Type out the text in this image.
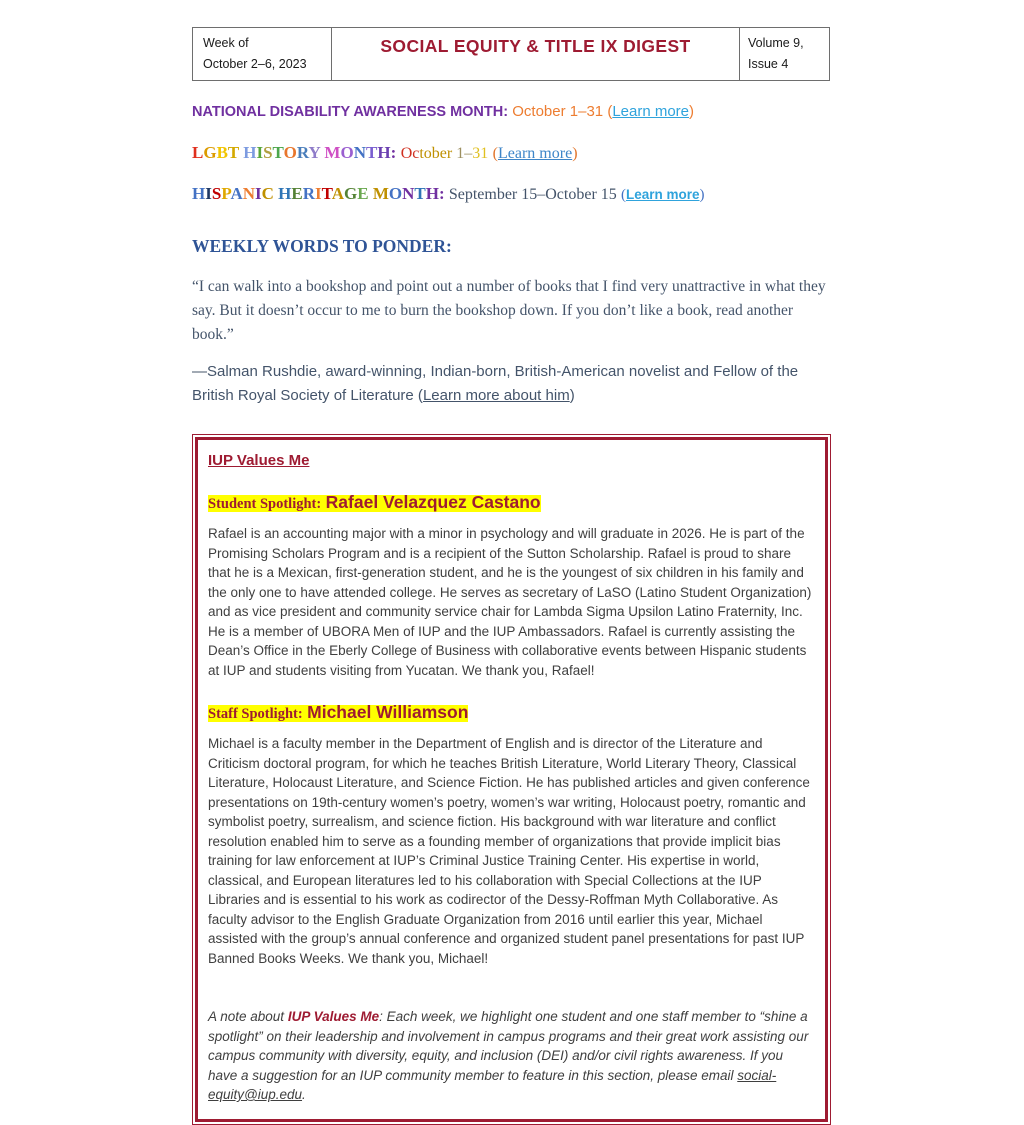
Week of
October 2–6, 2023
SOCIAL EQUITY & TITLE IX DIGEST	Volume 9,
Issue 4
NATIONAL DISABILITY AWARENESS MONTH: October 1–31 (Learn more)
LGBT HISTORY MONTH: October 1–31 (Learn more)
HISPANIC HERITAGE MONTH: September 15–October 15 (Learn more)
WEEKLY WORDS TO PONDER:
“I can walk into a bookshop and point out a number of books that I find very unattractive in what they say. But it doesn’t occur to me to burn the bookshop down. If you don’t like a book, read another book.”
—Salman Rushdie, award-winning, Indian-born, British-American novelist and Fellow of the British Royal Society of Literature (Learn more about him)
IUP Values Me
Student Spotlight: Rafael Velazquez Castano
Rafael is an accounting major with a minor in psychology and will graduate in 2026. He is part of the Promising Scholars Program and is a recipient of the Sutton Scholarship. Rafael is proud to share that he is a Mexican, first-generation student, and he is the youngest of six children in his family and the only one to have attended college. He serves as secretary of LaSO (Latino Student Organization) and as vice president and community service chair for Lambda Sigma Upsilon Latino Fraternity, Inc. He is a member of UBORA Men of IUP and the IUP Ambassadors. Rafael is currently assisting the Dean’s Office in the Eberly College of Business with collaborative events between Hispanic students at IUP and students visiting from Yucatan. We thank you, Rafael!
Staff Spotlight: Michael Williamson
Michael is a faculty member in the Department of English and is director of the Literature and Criticism doctoral program, for which he teaches British Literature, World Literary Theory, Classical Literature, Holocaust Literature, and Science Fiction. He has published articles and given conference presentations on 19th-century women’s poetry, women’s war writing, Holocaust poetry, romantic and symbolist poetry, surrealism, and science fiction. His background with war literature and conflict resolution enabled him to serve as a founding member of organizations that provide implicit bias training for law enforcement at IUP’s Criminal Justice Training Center. His expertise in world, classical, and European literatures led to his collaboration with Special Collections at the IUP Libraries and is essential to his work as codirector of the Dessy-Roffman Myth Collaborative. As faculty advisor to the English Graduate Organization from 2016 until earlier this year, Michael assisted with the group’s annual conference and organized student panel presentations for past IUP Banned Books Weeks. We thank you, Michael!
A note about IUP Values Me: Each week, we highlight one student and one staff member to “shine a spotlight” on their leadership and involvement in campus programs and their great work assisting our campus community with diversity, equity, and inclusion (DEI) and/or civil rights awareness. If you have a suggestion for an IUP community member to feature in this section, please email social-equity@iup.edu.
